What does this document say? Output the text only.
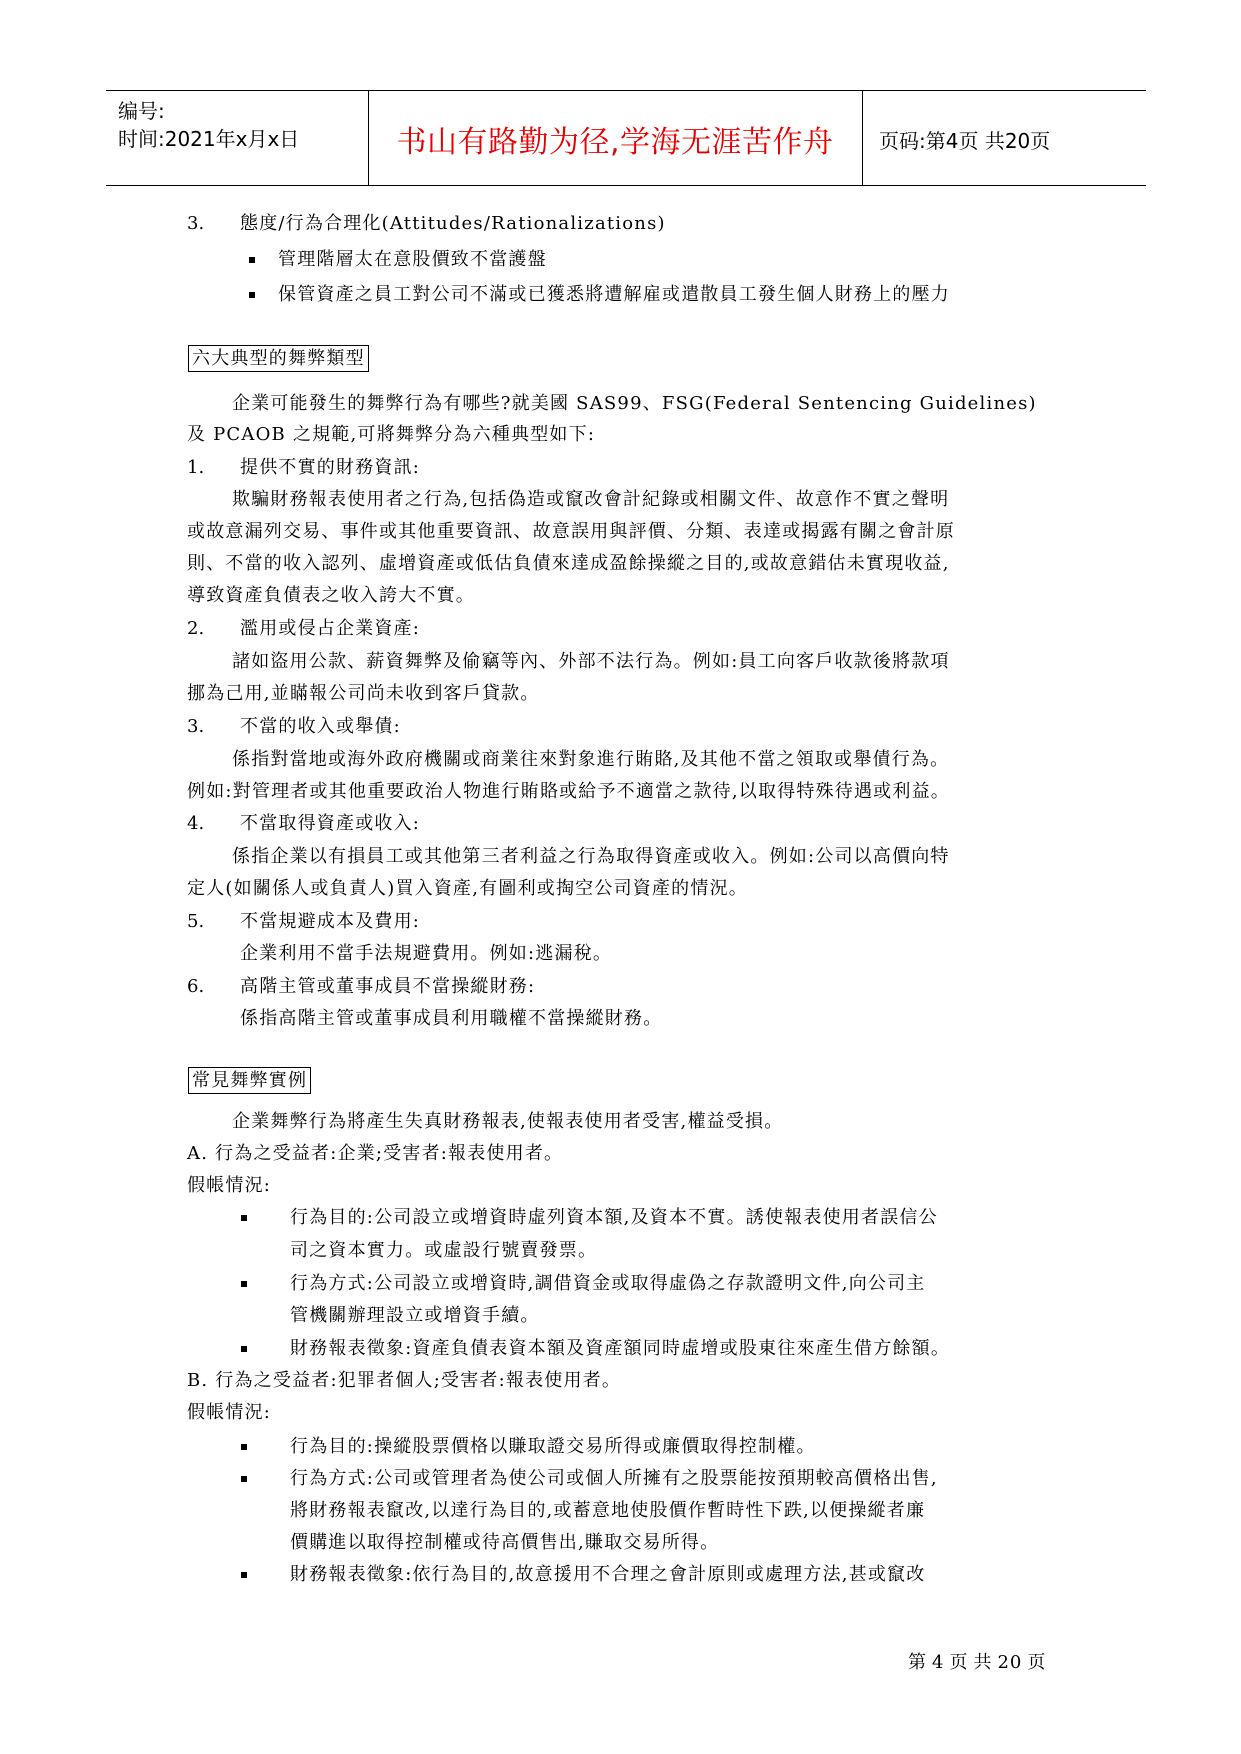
编号:
时间:2021年x月x日	书山有路勤为径,学海无涯苦作舟	页码:第4页 共20页
3. 態度/行為合理化(Attitudes/Rationalizations)
管理階層太在意股價致不當護盤
保管資產之員工對公司不滿或已獲悉將遭解雇或遣散員工發生個人財務上的壓力
六大典型的舞弊類型
企業可能發生的舞弊行為有哪些?就美國 SAS99、FSG(Federal Sentencing Guidelines)
及 PCAOB 之規範,可將舞弊分為六種典型如下:
1. 提供不實的財務資訊:
欺騙財務報表使用者之行為,包括偽造或竄改會計紀錄或相關文件、故意作不實之聲明
或故意漏列交易、事件或其他重要資訊、故意誤用與評價、分類、表達或揭露有關之會計原
則、不當的收入認列、虛增資產或低估負債來達成盈餘操縱之目的,或故意錯估未實現收益,
導致資產負債表之收入誇大不實。
2. 濫用或侵占企業資產:
諸如盜用公款、薪資舞弊及偷竊等內、外部不法行為。例如:員工向客戶收款後將款項
挪為己用,並瞞報公司尚未收到客戶貸款。
3. 不當的收入或舉債:
係指對當地或海外政府機關或商業往來對象進行賄賂,及其他不當之領取或舉債行為。
例如:對管理者或其他重要政治人物進行賄賂或給予不適當之款待,以取得特殊待遇或利益。
4. 不當取得資產或收入:
係指企業以有損員工或其他第三者利益之行為取得資產或收入。例如:公司以高價向特
定人(如關係人或負責人)買入資產,有圖利或掏空公司資產的情況。
5. 不當規避成本及費用:
企業利用不當手法規避費用。例如:逃漏稅。
6. 高階主管或董事成員不當操縱財務:
係指高階主管或董事成員利用職權不當操縱財務。
常見舞弊實例
企業舞弊行為將產生失真財務報表,使報表使用者受害,權益受損。
A. 行為之受益者:企業;受害者:報表使用者。
假帳情況:
行為目的:公司設立或增資時虛列資本額,及資本不實。誘使報表使用者誤信公
司之資本實力。或虛設行號賣發票。
行為方式:公司設立或增資時,調借資金或取得虛偽之存款證明文件,向公司主
管機關辦理設立或增資手續。
財務報表徵象:資產負債表資本額及資產額同時虛增或股東往來產生借方餘額。
B. 行為之受益者:犯罪者個人;受害者:報表使用者。
假帳情況:
行為目的:操縱股票價格以賺取證交易所得或廉價取得控制權。
行為方式:公司或管理者為使公司或個人所擁有之股票能按預期較高價格出售,
將財務報表竄改,以達行為目的,或蓄意地使股價作暫時性下跌,以便操縱者廉
價購進以取得控制權或待高價售出,賺取交易所得。
財務報表徵象:依行為目的,故意援用不合理之會計原則或處理方法,甚或竄改
第 4 页 共 20 页
